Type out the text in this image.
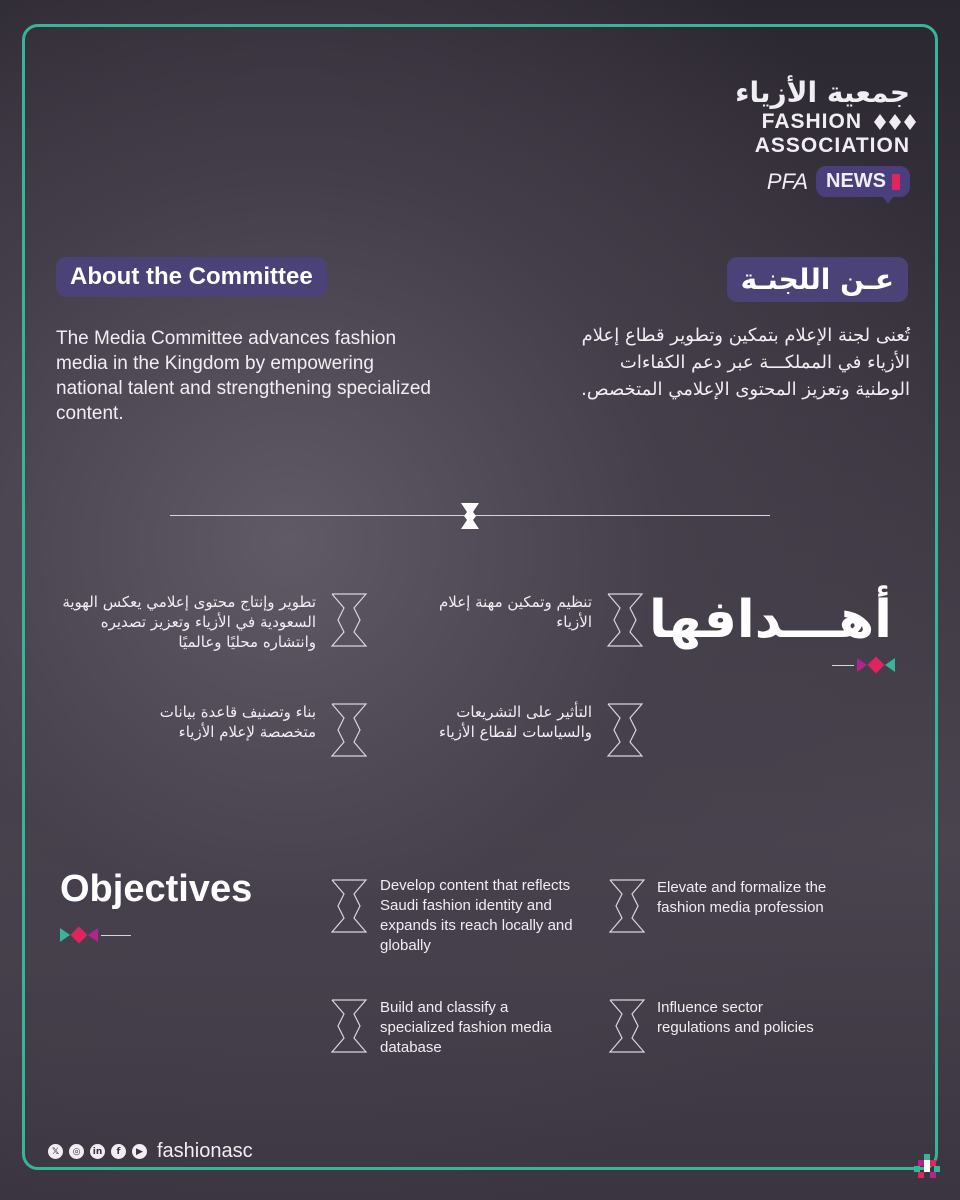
جمعية الأزياء
FASHION
ASSOCIATION
PFA NEWS
About the Committee	عـن اللجنـة

The Media Committee advances fashion media in the Kingdom by empowering national talent and strengthening specialized content.

تُعنى لجنة الإعلام بتمكين وتطوير قطاع إعلام الأزياء في المملكـــة عبر دعم الكفاءات الوطنية وتعزيز المحتوى الإعلامي المتخصص.

أهـــدافها
تنظيم وتمكين مهنة إعلام الأزياء
تطوير وإنتاج محتوى إعلامي يعكس الهوية السعودية في الأزياء وتعزيز تصديره وانتشاره محليًا وعالميًا
التأثير على التشريعات والسياسات لقطاع الأزياء
بناء وتصنيف قاعدة بيانات متخصصة لإعلام الأزياء
Objectives	Develop content that reflects Saudi fashion identity and expands its reach locally and globally
Elevate and formalize the fashion media profession
Build and classify a specialized fashion media database
Influence sector regulations and policies
𝕏	◎	in	f	▶ fashionasc
